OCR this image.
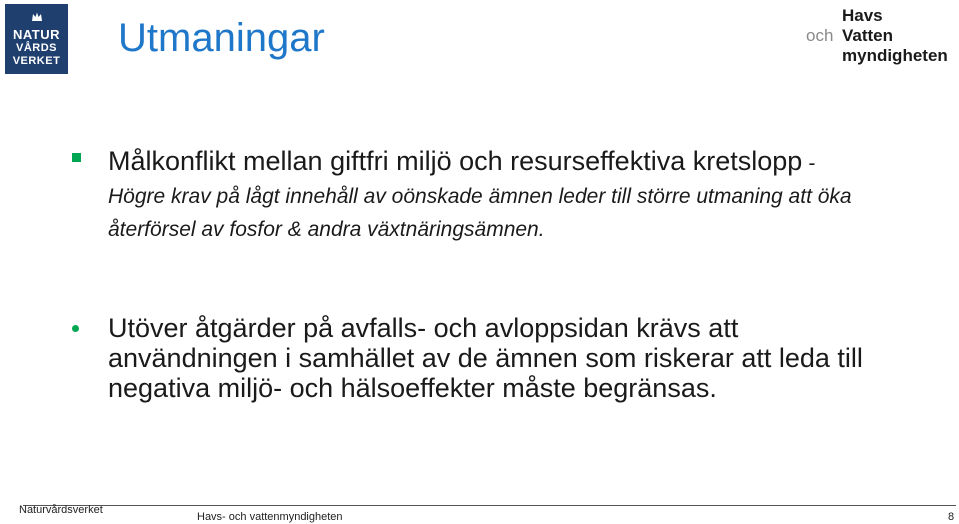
NATUR
VÅRDS
VERKET
Utmaningar
Havs
och Vatten
myndigheten
Målkonflikt mellan giftfri miljö och resurseffektiva kretslopp - Högre krav på lågt innehåll av oönskade ämnen leder till större utmaning att öka återförsel av fosfor & andra växtnäringsämnen.
Utöver åtgärder på avfalls- och avloppsidan krävs att användningen i samhället av de ämnen som riskerar att leda till negativa miljö- och hälsoeffekter måste begränsas.
Naturvårdsverket
Havs- och vattenmyndigheten	8
